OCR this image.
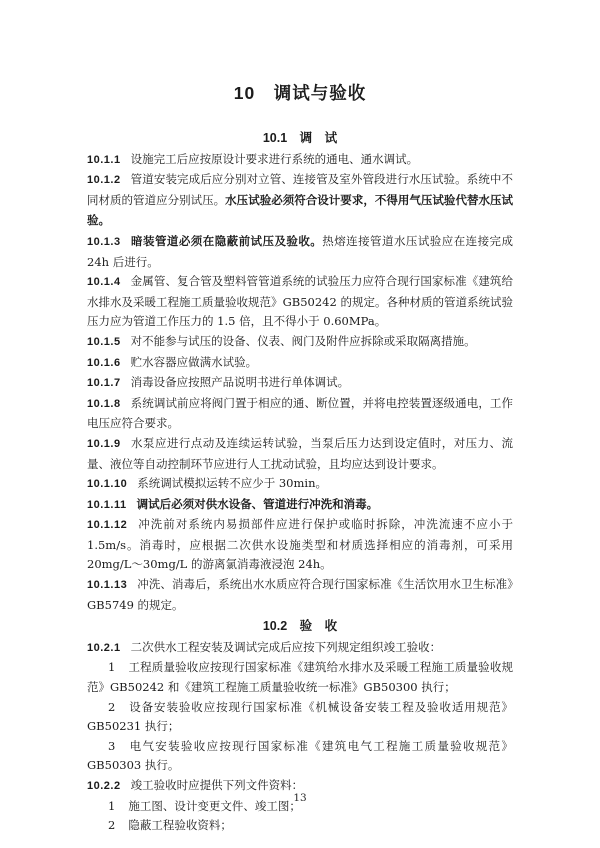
10　调试与验收
10.1　调　试

10.1.1 设施完工后应按原设计要求进行系统的通电、通水调试。

10.1.2 管道安装完成后应分别对立管、连接管及室外管段进行水压试验。系统中不同材质的管道应分别试压。水压试验必须符合设计要求，不得用气压试验代替水压试验。

10.1.3 暗装管道必须在隐蔽前试压及验收。热熔连接管道水压试验应在连接完成 24h 后进行。

10.1.4 金属管、复合管及塑料管管道系统的试验压力应符合现行国家标准《建筑给水排水及采暖工程施工质量验收规范》GB50242 的规定。各种材质的管道系统试验压力应为管道工作压力的 1.5 倍，且不得小于 0.60MPa。

10.1.5 对不能参与试压的设备、仪表、阀门及附件应拆除或采取隔离措施。

10.1.6 贮水容器应做满水试验。

10.1.7 消毒设备应按照产品说明书进行单体调试。

10.1.8 系统调试前应将阀门置于相应的通、断位置，并将电控装置逐级通电，工作电压应符合要求。

10.1.9 水泵应进行点动及连续运转试验，当泵后压力达到设定值时，对压力、流量、液位等自动控制环节应进行人工扰动试验，且均应达到设计要求。

10.1.10 系统调试模拟运转不应少于 30min。

10.1.11 调试后必须对供水设备、管道进行冲洗和消毒。

10.1.12 冲洗前对系统内易损部件应进行保护或临时拆除，冲洗流速不应小于 1.5m/s。消毒时，应根据二次供水设施类型和材质选择相应的消毒剂，可采用 20mg/L～30mg/L 的游离氯消毒液浸泡 24h。

10.1.13 冲洗、消毒后，系统出水水质应符合现行国家标准《生活饮用水卫生标准》GB5749 的规定。

10.2　验　收

10.2.1 二次供水工程安装及调试完成后应按下列规定组织竣工验收：

1 工程质量验收应按现行国家标准《建筑给水排水及采暖工程施工质量验收规范》GB50242 和《建筑工程施工质量验收统一标准》GB50300 执行；

2 设备安装验收应按现行国家标准《机械设备安装工程及验收适用规范》GB50231 执行；

3 电气安装验收应按现行国家标准《建筑电气工程施工质量验收规范》GB50303 执行。

10.2.2 竣工验收时应提供下列文件资料：

1 施工图、设计变更文件、竣工图；

2 隐蔽工程验收资料；

13
